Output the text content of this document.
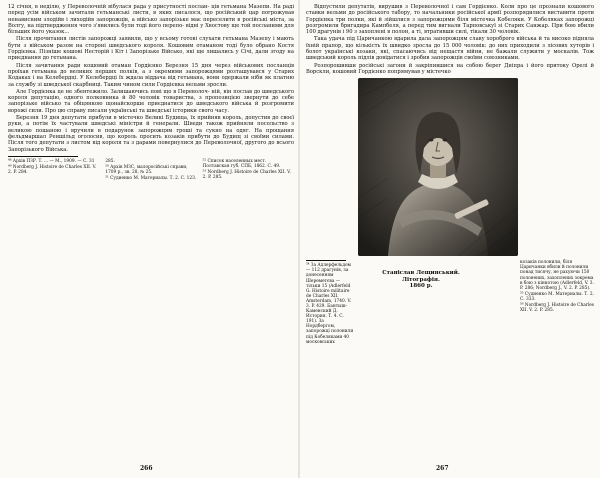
12 січня, в неділю, у Переволочній вібулася рада у присутності послан- ців гетьмана Мазепи. На раді перед усім військом зачитали гетьманські листи, в яких писалося, що російський цар погрожував ненависним злодійв і лиходійв запорожців, а військо запорізьке має переселити в російські міста, за Волгу, на підтвердження чого з'явились були тоді його перепо- відні у Хвостову ще той посланими для більших його указок...

Після прочитання листів запорожці заявили, що у всьому готові слухати гетьмана Мазепу і мають бути з військом разом на стороні шведського короля. Кошовим отаманом тоді було обрано Костя Гордієнка. Пізніше кошові Несторій і Кіт і Запорізьке Військо, які ще лишались у Січі, дали згоду на приєднання до гетьмана.

Після зачитання ради кошовий отаман Гордієнко Березня 15 дня через військових посланців проїхав гетьмана до великих перших полків, а з окремими запорожцями розташувався у Старих Кодаках і на Келебердці. У Келебердці їх ждала віддача від гетьмана, вони одержали ніби як платню за службу зі шведської скарбниці. Таким чином сили Гордієнка вельми зросли.

Але Гордієнка це не збентежило. Залишаючись пові що в Переволоч- ній, він послав до шведського короля депутацію, одного полковника й 80 чоловік товариства, з пропозицією звернути до себе запорізьке військо та обіцянкою щонайскорше приєднатися до шведського війська й розгромити ворожі сили. Про цю справу писали українські та шведські історики свого часу.

Березня 19 дня депутати прибули в містечко Великі Будища, їх прийняв король, допустив до своєї руки, а потім їх частували шведські міністри й генерали. Шведи також прийняли посольство з великою пошаною і вручили в подарунок запорожцям гроші та сукно на одяг. На прощання фельдмаршал Реншільд оголосив, що король просить козаків прибути до Будищ зі своїми силами. Після того депутати з листом від короля та з дарами повернулися до Переволочної, другого до всього Запорізького Війська.

⁴⁸ Архів ПЗР. Т. ... — М., 1909. — С. 31

⁴⁹ Nordberg J. Histoire de Charles XII. V. 2. P. 284.

285.

⁵⁰ Архів МЗС, малоросійські справи, 1709 р., зв. 28, № 25.

⁵¹ Судиенко М. Материалы. Т. 2. С. 123.

⁵² Список населенных мест. Полтавская губ. СПБ, 1862. С. 49.

⁵³ Nordberg J. Histoire de Charles XII. V. 2. P. 285.

266

Відпустили депутатів, вирушив з Переволочної і сам Гордієнко. Коли про це прознали кошового ставки вельми до російського табору, то начальники російської армії розпорядилися виставити проти Гордієнка три полки, які й зійшлися з запорожцями біля містечка Кобеляки. У Кобеляках запорожці розгромили бригадира Кампбеля, а перед тим вигнали Тарповськуї зі Старих Санжар. При бою вбили 100 драгунів і 90 з захоплені в полон, а ті, втративши силі, тікали 30 чоловік.

Така удача під Царичанкою вдарила дала запорожцям славу хороброго війська й та високо підняла їхній прапор, що кількість їх швидко зросла до 15 000 чоловік: до них приходили з лісових хуторів і болот українські козаки, які, спасаючись від нещастя війни, не бажали служити у москалів. Тож шведський король підлів довідатися і зробив запорожців своїми союзниками.

Розпорошивши російські загони й закріпившися на собою берег Дніпра і його притоку Орелі й Ворскли, кошовий Гордієнко попрямував у містечко

⁵⁴ За Адлерфельдом — 112 драгунів, за донесенням Шереметєва — тільки 15 (Adlerfeld G. Histoire militaire de Charles XII. Amsterdam, 1740. V. 3. P. 429. Бантыш-Каменский Д. История. Т. 4. С. 191). За Нордбергом, запорожці полонили під Кобеляками 40 московських

Станіслав Лещинський.
Літографія.
1860 р.

козаків полонили, біля Царичанки вбили й полонили понад тисячу, не рахуючи 150 полонених, захоплених зокрема в бою з кіннотою (Adlerfeld, V. 3. P. 286; Nordberg J., V. 2. P. 285).

⁵⁵ Судиенко М. Материалы. Т. 2. С. 333.

⁵⁶ Nordberg J. Histoire de Charles XII. V. 2. P. 285.

267
